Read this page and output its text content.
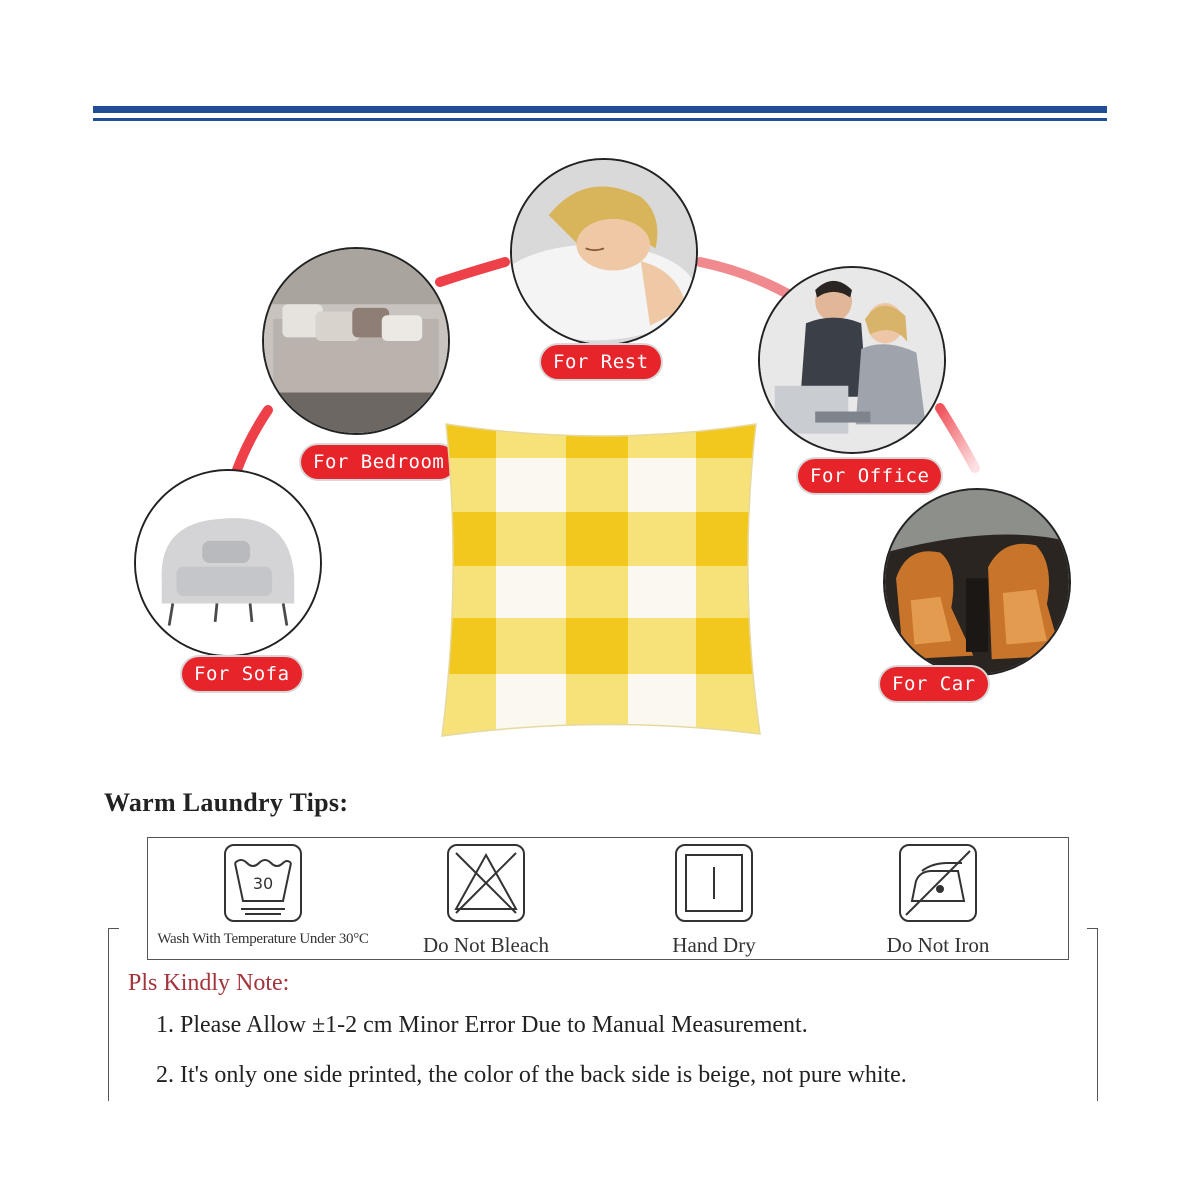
For Rest
For Bedroom
For Office
For Sofa	For Car
Warm Laundry Tips:
30
Wash With Temperature Under 30°C	Do Not Bleach	Hand Dry	Do Not Iron
Pls Kindly Note:
1. Please Allow ±1-2 cm Minor Error Due to Manual Measurement.
2. It's only one side printed, the color of the back side is beige, not pure white.
